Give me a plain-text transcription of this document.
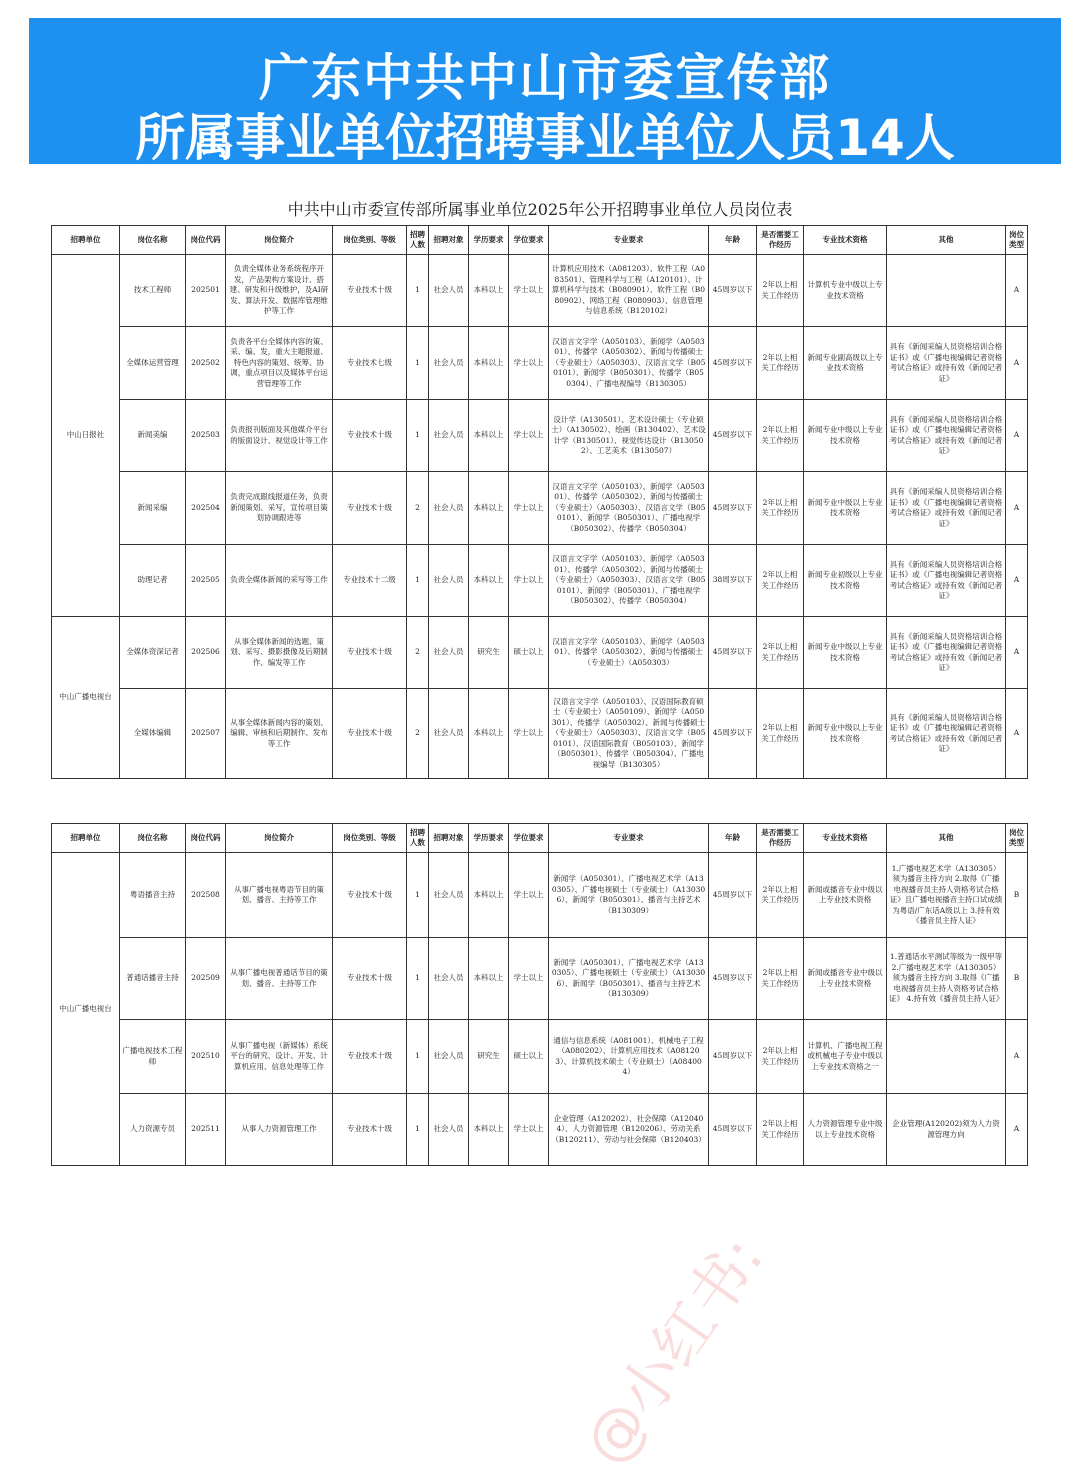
广东中共中山市委宣传部
所属事业单位招聘事业单位人员14人
中共中山市委宣传部所属事业单位2025年公开招聘事业单位人员岗位表
招聘单位	岗位名称	岗位代码	岗位简介	岗位类别、等级	招聘人数	招聘对象	学历要求	学位要求	专业要求	年龄	是否需要工作经历	专业技术资格	其他	岗位类型
中山日报社	技术工程师	202501	负责全媒体业务系统程序开发，产品架构方案设计、搭建、研发和升级维护，及AI研发、算法开发、数据库管理维护等工作	专业技术十级	1	社会人员	本科以上	学士以上	计算机应用技术（A081203）、软件工程（A083501）、管理科学与工程（A120101）、计算机科学与技术（B080901）、软件工程（B080902）、网络工程（B080903）、信息管理与信息系统（B120102）	45周岁以下	2年以上相关工作经历	计算机专业中级以上专业技术资格		A
	全媒体运营管理	202502	负责各平台全媒体内容的策、采、编、发，重大主题报道、特色内容的策划、统筹、协调，重点项目以及媒体平台运营管理等工作	专业技术七级	1	社会人员	本科以上	学士以上	汉语言文字学（A050103）、新闻学（A050301）、传播学（A050302）、新闻与传播硕士（专业硕士）（A050303）、汉语言文学（B050101）、新闻学（B050301）、传播学（B050304）、广播电视编导（B130305）	45周岁以下	2年以上相关工作经历	新闻专业副高级以上专业技术资格	具有《新闻采编人员资格培训合格证书》或《广播电视编辑记者资格考试合格证》或持有效《新闻记者证》	A
	新闻美编	202503	负责报刊版面及其他媒介平台的版面设计、视觉设计等工作	专业技术十级	1	社会人员	本科以上	学士以上	设计学（A130501）、艺术设计硕士（专业硕士）（A130502）、绘画（B130402）、艺术设计学（B130501）、视觉传达设计（B130502）、工艺美术（B130507）	45周岁以下	2年以上相关工作经历	新闻专业中级以上专业技术资格	具有《新闻采编人员资格培训合格证书》或《广播电视编辑记者资格考试合格证》或持有效《新闻记者证》	A
	新闻采编	202504	负责完成跟线报道任务，负责新闻策划、采写，宣传项目策划协调跟进等	专业技术十级	2	社会人员	本科以上	学士以上	汉语言文字学（A050103）、新闻学（A050301）、传播学（A050302）、新闻与传播硕士（专业硕士）（A050303）、汉语言文学（B050101）、新闻学（B050301）、广播电视学（B050302）、传播学（B050304）	45周岁以下	2年以上相关工作经历	新闻专业中级以上专业技术资格	具有《新闻采编人员资格培训合格证书》或《广播电视编辑记者资格考试合格证》或持有效《新闻记者证》	A
	助理记者	202505	负责全媒体新闻的采写等工作	专业技术十二级	1	社会人员	本科以上	学士以上	汉语言文字学（A050103）、新闻学（A050301）、传播学（A050302）、新闻与传播硕士（专业硕士）（A050303）、汉语言文学（B050101）、新闻学（B050301）、广播电视学（B050302）、传播学（B050304）	38周岁以下	2年以上相关工作经历	新闻专业初级以上专业技术资格	具有《新闻采编人员资格培训合格证书》或《广播电视编辑记者资格考试合格证》或持有效《新闻记者证》	A
中山广播电视台	全媒体资深记者	202506	从事全媒体新闻的选题、策划、采写、摄影摄像及后期制作、编发等工作	专业技术十级	2	社会人员	研究生	硕士以上	汉语言文字学（A050103）、新闻学（A050301）、传播学（A050302）、新闻与传播硕士（专业硕士）（A050303）	45周岁以下	2年以上相关工作经历	新闻专业中级以上专业技术资格	具有《新闻采编人员资格培训合格证书》或《广播电视编辑记者资格考试合格证》或持有效《新闻记者证》	A
	全媒体编辑	202507	从事全媒体新闻内容的策划、编辑、审核和后期制作、发布等工作	专业技术十级	2	社会人员	本科以上	学士以上	汉语言文字学（A050103）、汉语国际教育硕士（专业硕士）（A050109）、新闻学（A050301）、传播学（A050302）、新闻与传播硕士（专业硕士）（A050303）、汉语言文学（B050101）、汉语国际教育（B050103）、新闻学（B050301）、传播学（B050304）、广播电视编导（B130305）	45周岁以下	2年以上相关工作经历	新闻专业中级以上专业技术资格	具有《新闻采编人员资格培训合格证书》或《广播电视编辑记者资格考试合格证》或持有效《新闻记者证》	A
招聘单位	岗位名称	岗位代码	岗位简介	岗位类别、等级	招聘人数	招聘对象	学历要求	学位要求	专业要求	年龄	是否需要工作经历	专业技术资格	其他	岗位类型
中山广播电视台	粤语播音主持	202508	从事广播电视粤语节目的策划、播音、主持等工作	专业技术十级	1	社会人员	本科以上	学士以上	新闻学（A050301）、广播电视艺术学（A130305）、广播电视硕士（专业硕士）（A130306）、新闻学（B050301）、播音与主持艺术（B130309）	45周岁以下	2年以上相关工作经历	新闻或播音专业中级以上专业技术资格	1.广播电视艺术学（A130305）须为播音主持方向 2.取得《广播电视播音员主持人资格考试合格证》且广播电视播音主持口试成绩为粤语/广东话A级以上 3.持有效《播音员主持人证》	B
	普通话播音主持	202509	从事广播电视普通话节目的策划、播音、主持等工作	专业技术十级	1	社会人员	本科以上	学士以上	新闻学（A050301）、广播电视艺术学（A130305）、广播电视硕士（专业硕士）（A130306）、新闻学（B050301）、播音与主持艺术（B130309）	45周岁以下	2年以上相关工作经历	新闻或播音专业中级以上专业技术资格	1.普通话水平测试等级为一级甲等 2.广播电视艺术学（A130305）须为播音主持方向 3.取得《广播电视播音员主持人资格考试合格证》 4.持有效《播音员主持人证》	B
	广播电视技术工程师	202510	从事广播电视（新媒体）系统平台的研究、设计、开发、计算机应用、信息处理等工作	专业技术十级	1	社会人员	研究生	硕士以上	通信与信息系统（A081001）、机械电子工程（A080202）、计算机应用技术（A081203）、计算机技术硕士（专业硕士）（A084004）	45周岁以下	2年以上相关工作经历	计算机、广播电视工程或机械电子专业中级以上专业技术资格之一		A
	人力资源专员	202511	从事人力资源管理工作	专业技术十级	1	社会人员	本科以上	学士以上	企业管理（A120202）、社会保障（A120404）、人力资源管理（B120206）、劳动关系（B120211）、劳动与社会保障（B120403）	45周岁以下	2年以上相关工作经历	人力资源管理专业中级以上专业技术资格	企业管理(A120202)须为人力资源管理方向	A
@小红书:
